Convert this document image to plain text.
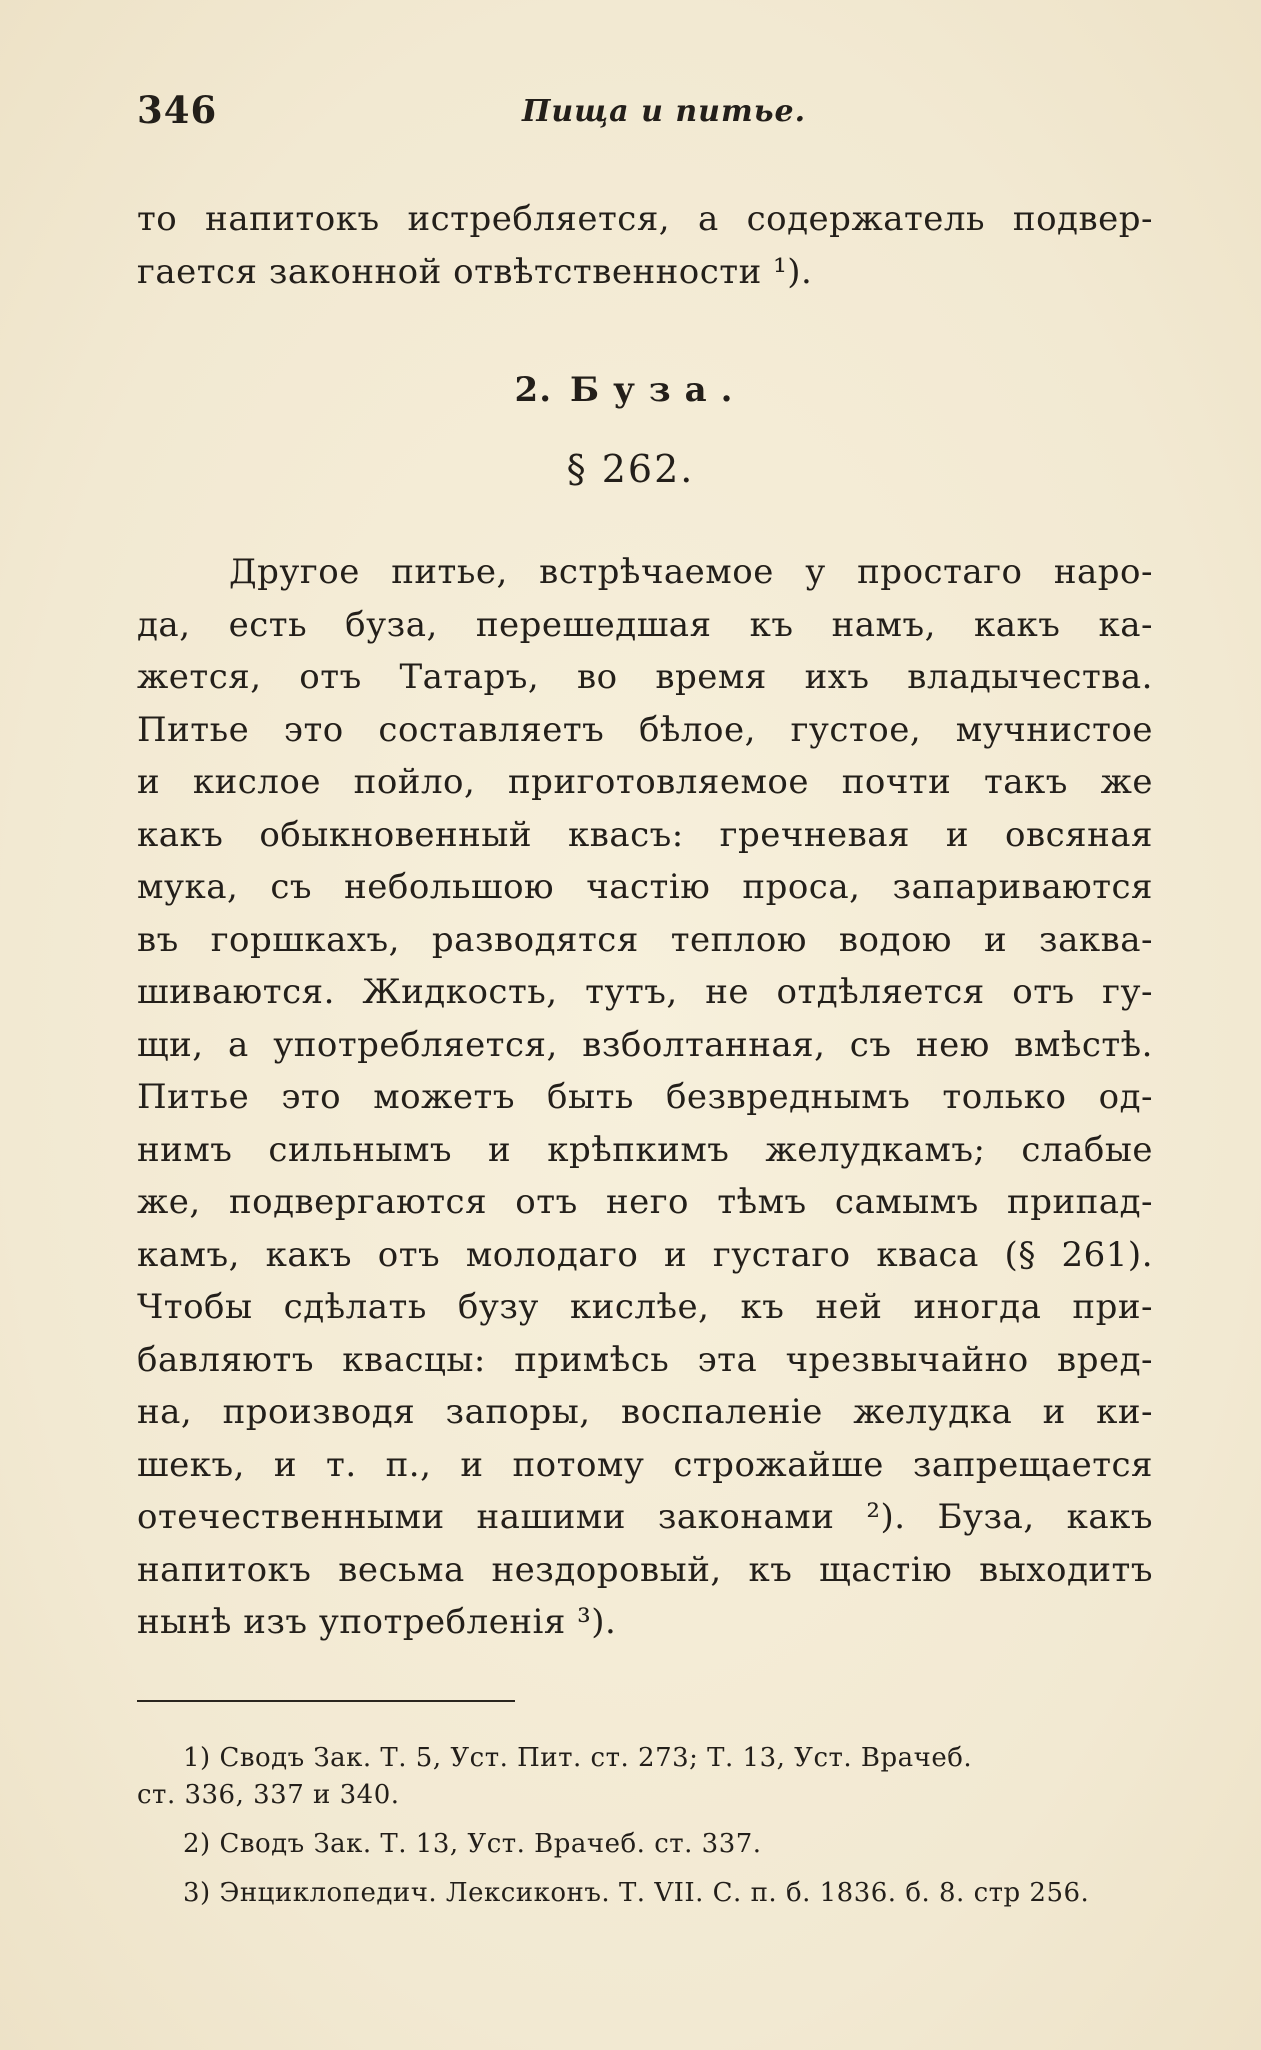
346	Пища и питье.
то напитокъ истребляется, а содержатель подвер-
гается законной отвѣтственности ¹).
2. Буза.
§ 262.
Другое питье, встрѣчаемое у простаго наро-
да, есть буза, перешедшая къ намъ, какъ ка-
жется, отъ Татаръ, во время ихъ владычества.
Питье это составляетъ бѣлое, густое, мучнистое
и кислое пойло, приготовляемое почти такъ же
какъ обыкновенный квасъ: гречневая и овсяная
мука, съ небольшою частiю проса, запариваются
въ горшкахъ, разводятся теплою водою и заква-
шиваются. Жидкость, тутъ, не отдѣляется отъ гу-
щи, а употребляется, взболтанная, съ нею вмѣстѣ.
Питье это можетъ быть безвреднымъ только од-
нимъ сильнымъ и крѣпкимъ желудкамъ; слабые
же, подвергаются отъ него тѣмъ самымъ припад-
камъ, какъ отъ молодаго и густаго кваса (§ 261).
Чтобы сдѣлать бузу кислѣе, къ ней иногда при-
бавляютъ квасцы: примѣсь эта чрезвычайно вред-
на, производя запоры, воспаленiе желудка и ки-
шекъ, и т. п., и потому строжайше запрещается
отечественными нашими законами ²). Буза, какъ
напитокъ весьма нездоровый, къ щастiю выходитъ
нынѣ изъ употребленiя ³).
1) Сводъ Зак. Т. 5, Уст. Пит. ст. 273; Т. 13, Уст. Врачеб.
ст. 336, 337 и 340.
2) Сводъ Зак. Т. 13, Уст. Врачеб. ст. 337.
3) Энциклопедич. Лексиконъ. Т. VII. С. п. б. 1836. б. 8. стр 256.
